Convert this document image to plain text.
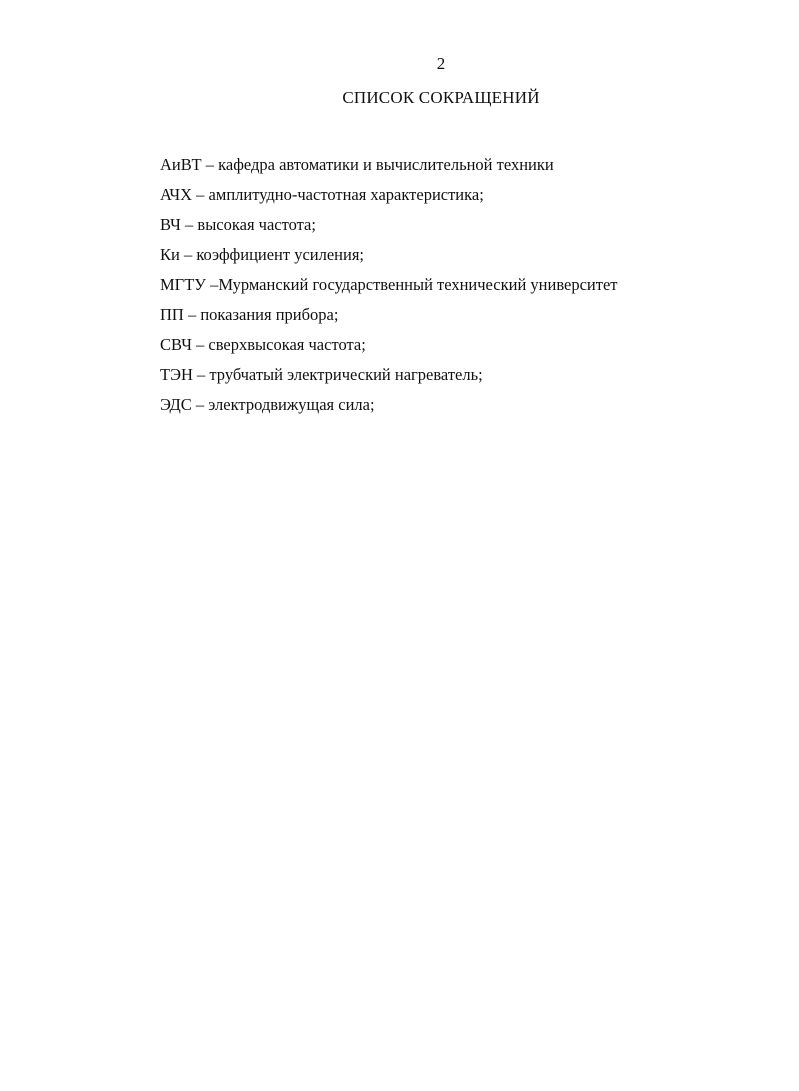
2
СПИСОК СОКРАЩЕНИЙ
АиВТ – кафедра автоматики и вычислительной техники
АЧХ – амплитудно-частотная характеристика;
ВЧ – высокая частота;
Ки – коэффициент усиления;
МГТУ –Мурманский государственный технический университет
ПП – показания прибора;
СВЧ – сверхвысокая частота;
ТЭН – трубчатый электрический нагреватель;
ЭДС – электродвижущая сила;
